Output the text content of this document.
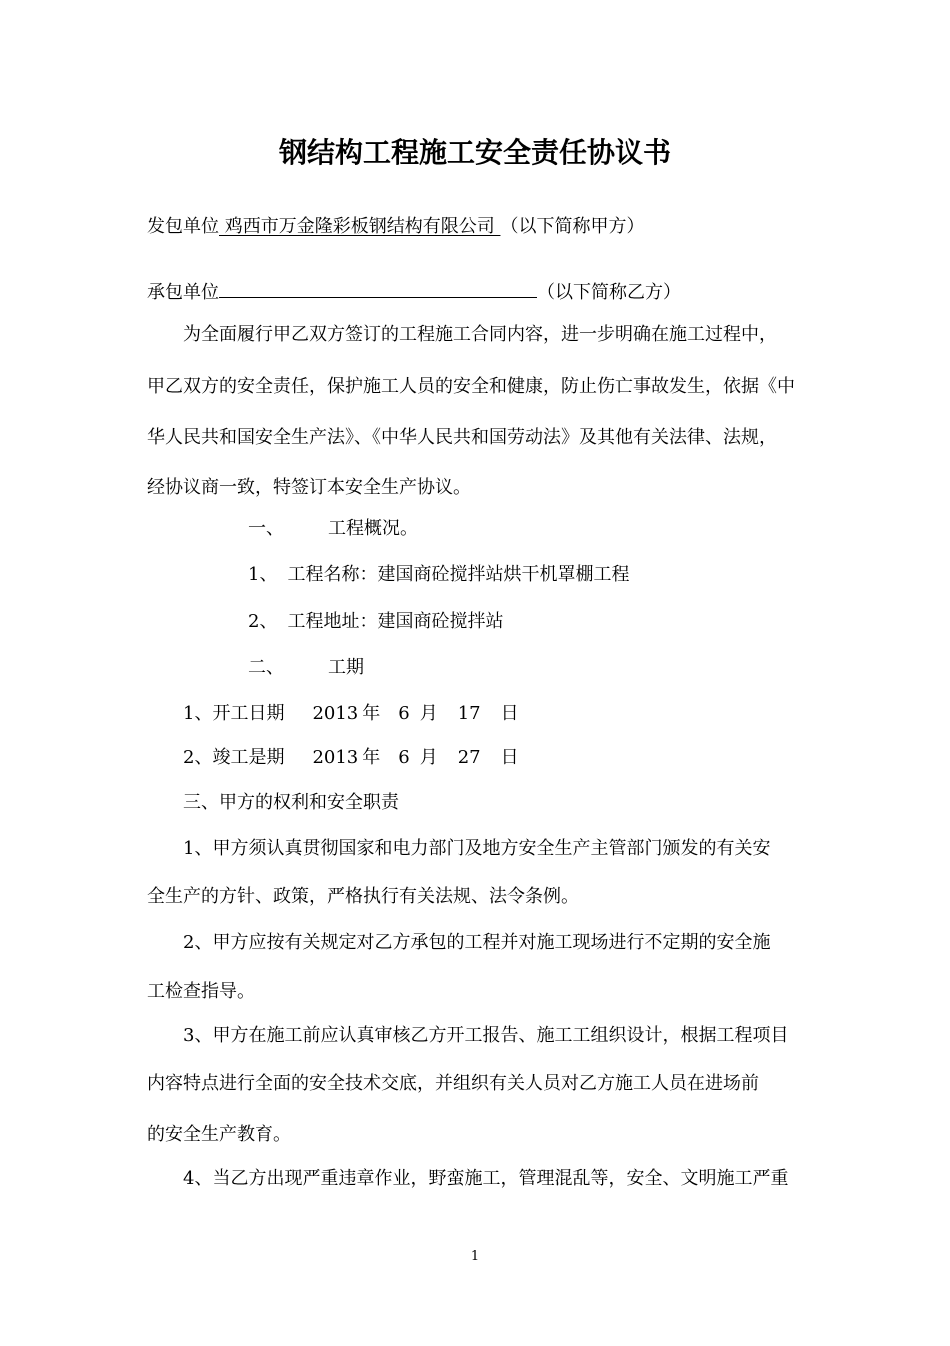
钢结构工程施工安全责任协议书
发包单位 鸡西市万金隆彩板钢结构有限公司 （以下简称甲方）
承包单位	（以下简称乙方）
为全面履行甲乙双方签订的工程施工合同内容，进一步明确在施工过程中，
甲乙双方的安全责任，保护施工人员的安全和健康，防止伤亡事故发生，依据《中
华人民共和国安全生产法》、《中华人民共和国劳动法》及其他有关法律、法规，
经协议商一致，特签订本安全生产协议。
一、 工程概况。
1、 工程名称：建国商砼搅拌站烘干机罩棚工程
2、 工程地址：建国商砼搅拌站
二、 工期
1、开工日期 2013 年 6 月 17 日
2、竣工是期 2013 年 6 月 27 日
三、甲方的权利和安全职责
1、甲方须认真贯彻国家和电力部门及地方安全生产主管部门颁发的有关安
全生产的方针、政策，严格执行有关法规、法令条例。
2、甲方应按有关规定对乙方承包的工程并对施工现场进行不定期的安全施
工检查指导。
3、甲方在施工前应认真审核乙方开工报告、施工工组织设计，根据工程项目
内容特点进行全面的安全技术交底，并组织有关人员对乙方施工人员在进场前
的安全生产教育。
4、当乙方出现严重违章作业，野蛮施工，管理混乱等，安全、文明施工严重
1
